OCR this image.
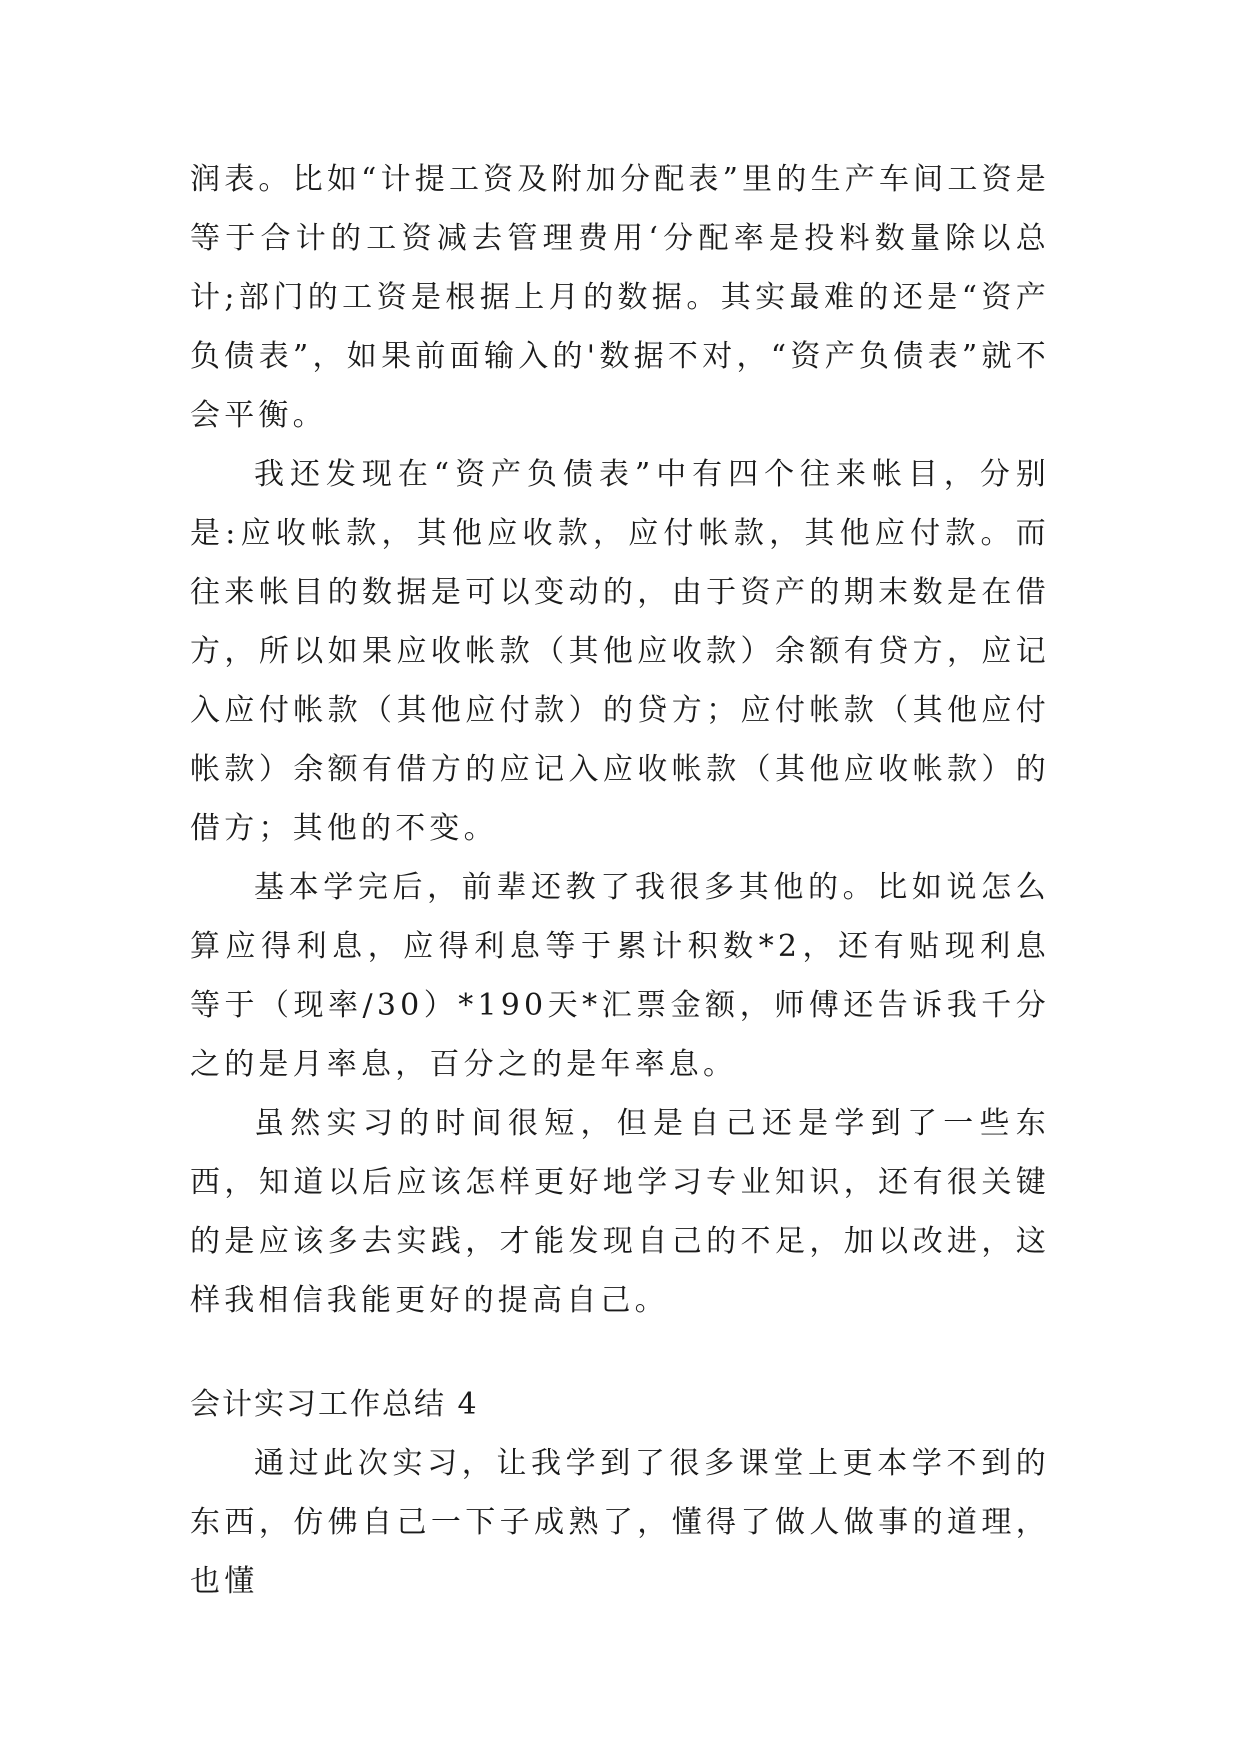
润表。比如“计提工资及附加分配表”里的生产车间工资是等于合计的工资减去管理费用‘分配率是投料数量除以总计;部门的工资是根据上月的数据。其实最难的还是“资产负债表”，如果前面输入的'数据不对，“资产负债表”就不会平衡。

我还发现在“资产负债表”中有四个往来帐目，分别是:应收帐款，其他应收款，应付帐款，其他应付款。而往来帐目的数据是可以变动的，由于资产的期末数是在借方，所以如果应收帐款（其他应收款）余额有贷方，应记入应付帐款（其他应付款）的贷方；应付帐款（其他应付帐款）余额有借方的应记入应收帐款（其他应收帐款）的借方；其他的不变。

基本学完后，前辈还教了我很多其他的。比如说怎么算应得利息，应得利息等于累计积数*2，还有贴现利息等于（现率/30）*190天*汇票金额，师傅还告诉我千分之的是月率息，百分之的是年率息。

虽然实习的时间很短，但是自己还是学到了一些东西，知道以后应该怎样更好地学习专业知识，还有很关键的是应该多去实践，才能发现自己的不足，加以改进，这样我相信我能更好的提高自己。

会计实习工作总结 4

通过此次实习，让我学到了很多课堂上更本学不到的东西，仿佛自己一下子成熟了，懂得了做人做事的道理，也懂
